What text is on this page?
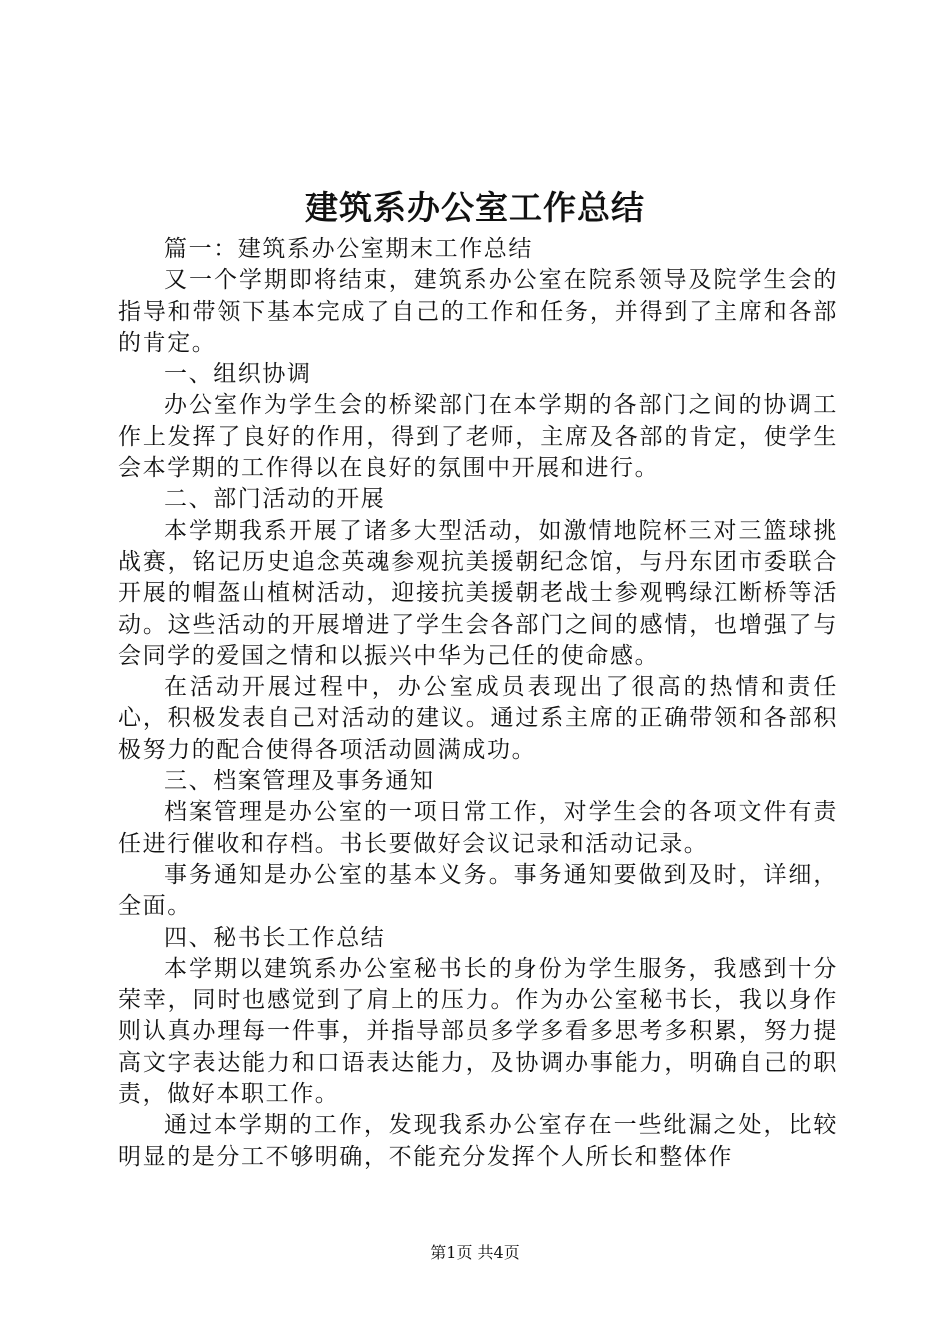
建筑系办公室工作总结

篇一：建筑系办公室期末工作总结

又一个学期即将结束，建筑系办公室在院系领导及院学生会的指导和带领下基本完成了自己的工作和任务，并得到了主席和各部的肯定。

一、组织协调

办公室作为学生会的桥梁部门在本学期的各部门之间的协调工作上发挥了良好的作用，得到了老师，主席及各部的肯定，使学生会本学期的工作得以在良好的氛围中开展和进行。

二、部门活动的开展

本学期我系开展了诸多大型活动，如激情地院杯三对三篮球挑战赛，铭记历史追念英魂参观抗美援朝纪念馆，与丹东团市委联合开展的帽盔山植树活动，迎接抗美援朝老战士参观鸭绿江断桥等活动。这些活动的开展增进了学生会各部门之间的感情，也增强了与会同学的爱国之情和以振兴中华为己任的使命感。

在活动开展过程中，办公室成员表现出了很高的热情和责任心，积极发表自己对活动的建议。通过系主席的正确带领和各部积极努力的配合使得各项活动圆满成功。

三、档案管理及事务通知

档案管理是办公室的一项日常工作，对学生会的各项文件有责任进行催收和存档。书长要做好会议记录和活动记录。

事务通知是办公室的基本义务。事务通知要做到及时，详细，全面。

四、秘书长工作总结

本学期以建筑系办公室秘书长的身份为学生服务，我感到十分荣幸，同时也感觉到了肩上的压力。作为办公室秘书长，我以身作则认真办理每一件事，并指导部员多学多看多思考多积累，努力提高文字表达能力和口语表达能力，及协调办事能力，明确自己的职责，做好本职工作。

通过本学期的工作，发现我系办公室存在一些纰漏之处，比较明显的是分工不够明确，不能充分发挥个人所长和整体作

第1页 共4页
